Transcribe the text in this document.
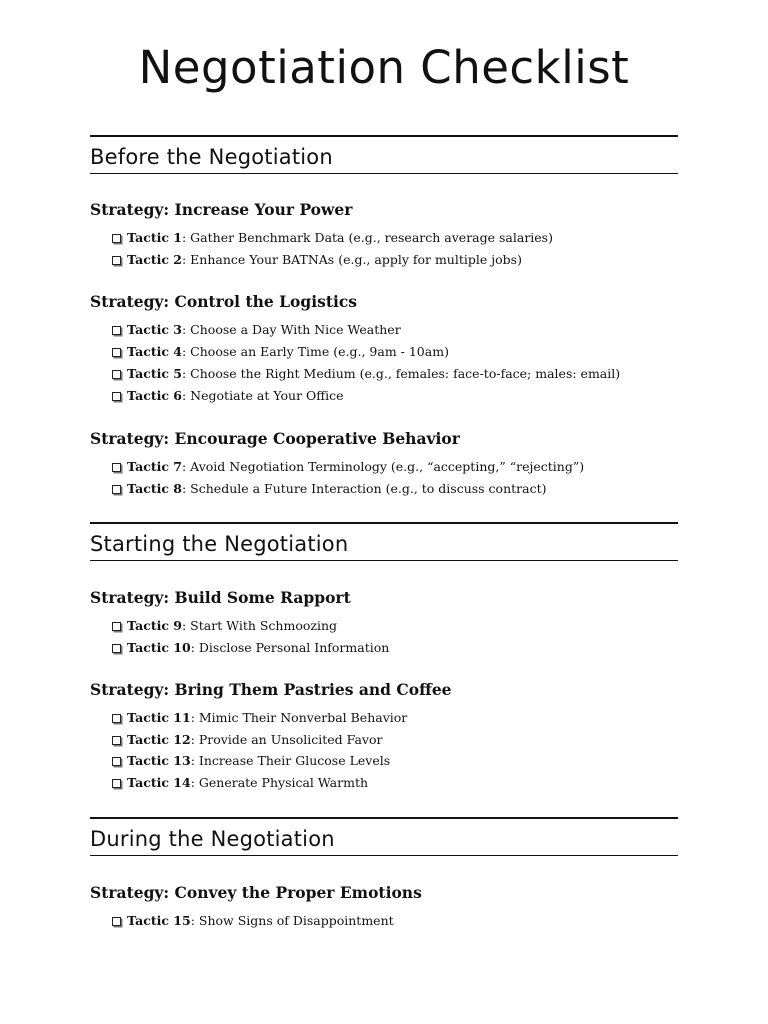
Negotiation Checklist
Before the Negotiation
Strategy: Increase Your Power
Tactic 1: Gather Benchmark Data (e.g., research average salaries)
Tactic 2: Enhance Your BATNAs (e.g., apply for multiple jobs)
Strategy: Control the Logistics
Tactic 3: Choose a Day With Nice Weather
Tactic 4: Choose an Early Time (e.g., 9am - 10am)
Tactic 5: Choose the Right Medium (e.g., females: face-to-face; males: email)
Tactic 6: Negotiate at Your Office
Strategy: Encourage Cooperative Behavior
Tactic 7: Avoid Negotiation Terminology (e.g., “accepting,” “rejecting”)
Tactic 8: Schedule a Future Interaction (e.g., to discuss contract)
Starting the Negotiation
Strategy: Build Some Rapport
Tactic 9: Start With Schmoozing
Tactic 10: Disclose Personal Information
Strategy: Bring Them Pastries and Coffee
Tactic 11: Mimic Their Nonverbal Behavior
Tactic 12: Provide an Unsolicited Favor
Tactic 13: Increase Their Glucose Levels
Tactic 14: Generate Physical Warmth
During the Negotiation
Strategy: Convey the Proper Emotions
Tactic 15: Show Signs of Disappointment
